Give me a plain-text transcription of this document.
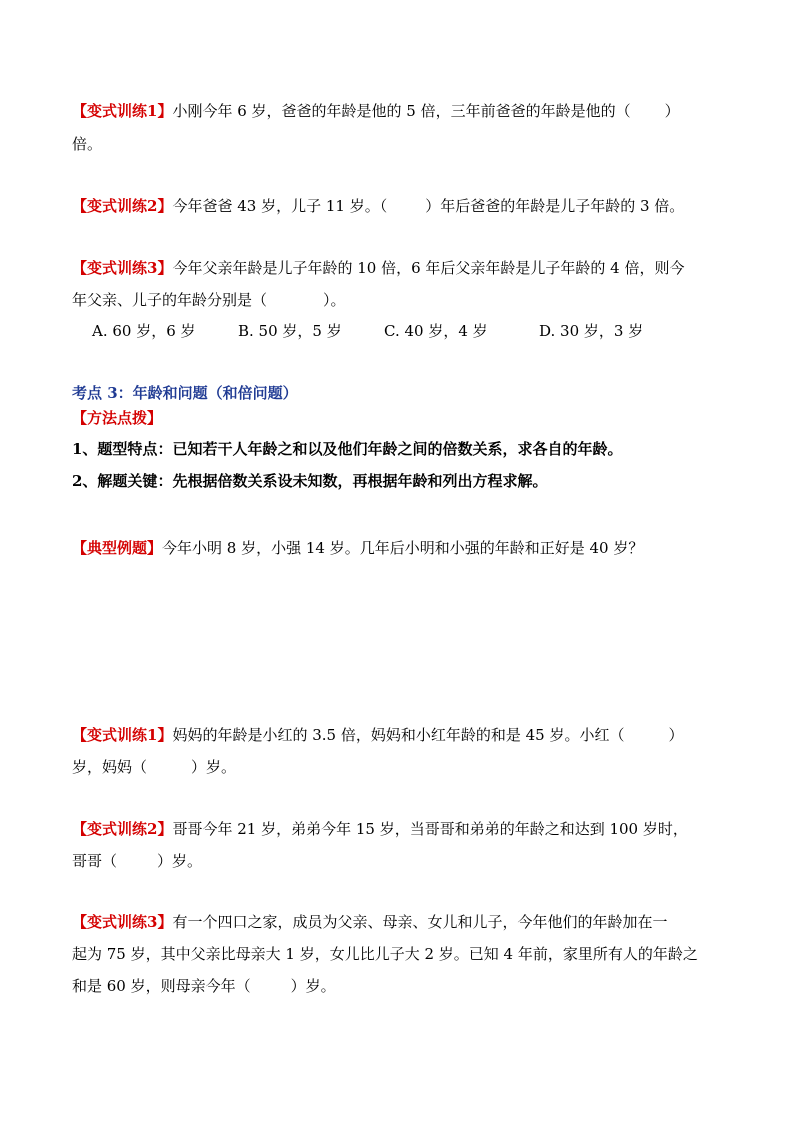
【变式训练1】小刚今年 6 岁，爸爸的年龄是他的 5 倍，三年前爸爸的年龄是他的（ ）
倍。
【变式训练2】今年爸爸 43 岁，儿子 11 岁。（	）年后爸爸的年龄是儿子年龄的 3 倍。
【变式训练3】今年父亲年龄是儿子年龄的 10 倍，6 年后父亲年龄是儿子年龄的 4 倍，则今
年父亲、儿子的年龄分别是（	）。
A. 60 岁，6 岁	B. 50 岁，5 岁	C. 40 岁，4 岁	D. 30 岁，3 岁
考点 3：年龄和问题（和倍问题）
【方法点拨】
1、题型特点：已知若干人年龄之和以及他们年龄之间的倍数关系，求各自的年龄。
2、解题关键：先根据倍数关系设未知数，再根据年龄和列出方程求解。
【典型例题】今年小明 8 岁，小强 14 岁。几年后小明和小强的年龄和正好是 40 岁？
【变式训练1】妈妈的年龄是小红的 3.5 倍，妈妈和小红年龄的和是 45 岁。小红（	）
岁，妈妈（	）岁。
【变式训练2】哥哥今年 21 岁，弟弟今年 15 岁，当哥哥和弟弟的年龄之和达到 100 岁时，
哥哥（	）岁。
【变式训练3】有一个四口之家，成员为父亲、母亲、女儿和儿子，今年他们的年龄加在一
起为 75 岁，其中父亲比母亲大 1 岁，女儿比儿子大 2 岁。已知 4 年前，家里所有人的年龄之
和是 60 岁，则母亲今年（	）岁。
